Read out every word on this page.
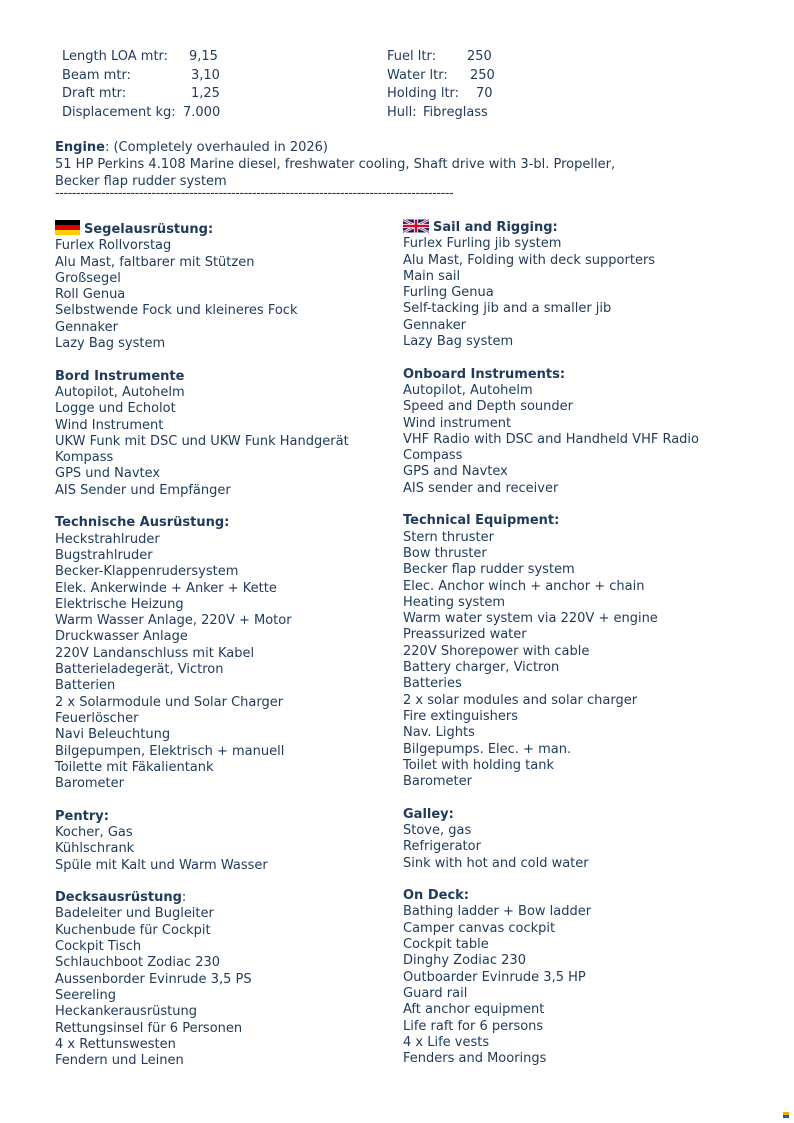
Length LOA mtr: 9,15
Beam mtr:	3,10
Draft mtr:	1,25
Displacement kg: 7.000
Fuel ltr: 250
Water ltr: 250
Holding ltr: 70
Hull: Fibreglass
Engine: (Completely overhauled in 2026)
51 HP Perkins 4.108 Marine diesel, freshwater cooling, Shaft drive with 3-bl. Propeller,
Becker flap rudder system
-----------------------------------------------------------------------------------------------
Segelausrüstung:
Furlex Rollvorstag
Alu Mast, faltbarer mit Stützen
Großsegel
Roll Genua
Selbstwende Fock und kleineres Fock
Gennaker
Lazy Bag system
Bord Instrumente
Autopilot, Autohelm
Logge und Echolot
Wind Instrument
UKW Funk mit DSC und UKW Funk Handgerät
Kompass
GPS und Navtex
AIS Sender und Empfänger
Technische Ausrüstung:
Heckstrahlruder
Bugstrahlruder
Becker-Klappenrudersystem
Elek. Ankerwinde + Anker + Kette
Elektrische Heizung
Warm Wasser Anlage, 220V + Motor
Druckwasser Anlage
220V Landanschluss mit Kabel
Batterieladegerät, Victron
Batterien
2 x Solarmodule und Solar Charger
Feuerlöscher
Navi Beleuchtung
Bilgepumpen, Elektrisch + manuell
Toilette mit Fäkalientank
Barometer
Pentry:
Kocher, Gas
Kühlschrank
Spüle mit Kalt und Warm Wasser
Decksausrüstung:
Badeleiter und Bugleiter
Kuchenbude für Cockpit
Cockpit Tisch
Schlauchboot Zodiac 230
Aussenborder Evinrude 3,5 PS
Seereling
Heckankerausrüstung
Rettungsinsel für 6 Personen
4 x Rettunswesten
Fendern und Leinen
Sail and Rigging:
Furlex Furling jib system
Alu Mast, Folding with deck supporters
Main sail
Furling Genua
Self-tacking jib and a smaller jib
Gennaker
Lazy Bag system
Onboard Instruments:
Autopilot, Autohelm
Speed and Depth sounder
Wind instrument
VHF Radio with DSC and Handheld VHF Radio
Compass
GPS and Navtex
AIS sender and receiver
Technical Equipment:
Stern thruster
Bow thruster
Becker flap rudder system
Elec. Anchor winch + anchor + chain
Heating system
Warm water system via 220V + engine
Preassurized water
220V Shorepower with cable
Battery charger, Victron
Batteries
2 x solar modules and solar charger
Fire extinguishers
Nav. Lights
Bilgepumps. Elec. + man.
Toilet with holding tank
Barometer
Galley:
Stove, gas
Refrigerator
Sink with hot and cold water
On Deck:
Bathing ladder + Bow ladder
Camper canvas cockpit
Cockpit table
Dinghy Zodiac 230
Outboarder Evinrude 3,5 HP
Guard rail
Aft anchor equipment
Life raft for 6 persons
4 x Life vests
Fenders and Moorings
